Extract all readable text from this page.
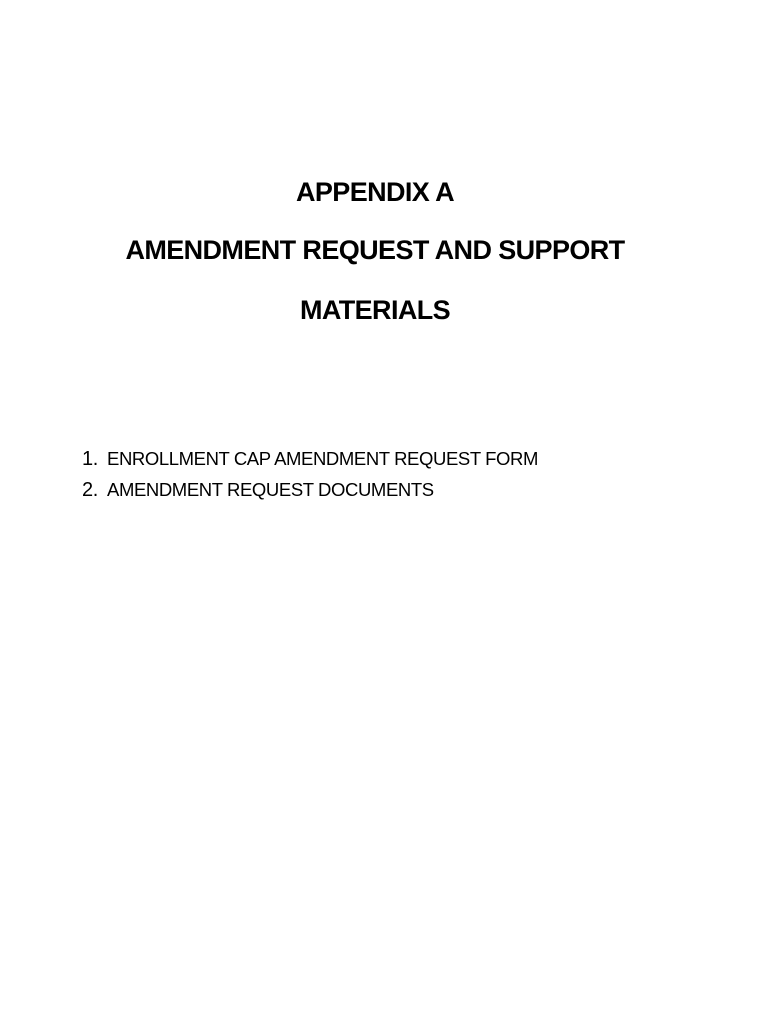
APPENDIX A
AMENDMENT REQUEST AND SUPPORT
MATERIALS
1. ENROLLMENT CAP AMENDMENT REQUEST FORM
2. AMENDMENT REQUEST DOCUMENTS
